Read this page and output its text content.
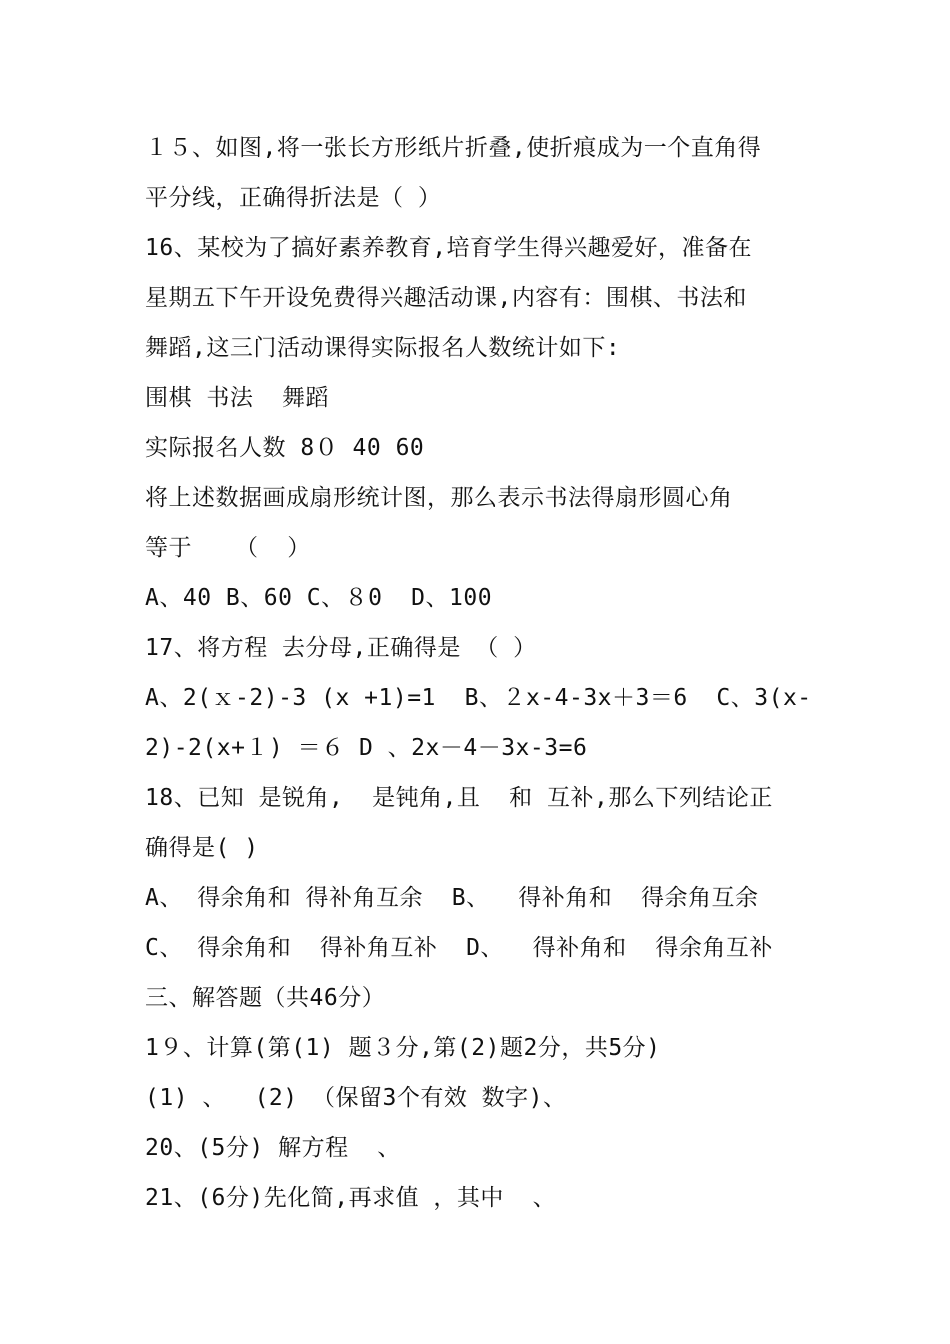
１５、如图,将一张长方形纸片折叠,使折痕成为一个直角得
平分线，正确得折法是（ ）
16、某校为了搞好素养教育,培育学生得兴趣爱好，准备在
星期五下午开设免费得兴趣活动课,内容有：围棋、书法和
舞蹈,这三门活动课得实际报名人数统计如下:
围棋 书法  舞蹈
实际报名人数 8０ 40 60
将上述数据画成扇形统计图，那么表示书法得扇形圆心角
等于   （  ）
A、40 B、60 C、８0  D、100
17、将方程 去分母,正确得是 （ ）
A、2(ｘ-2)-3 (x +1)=1  B、２x-4-3x＋3＝6  C、3(x-
2)-2(x+１) ＝６ D 、2x－4－3x-3=6
18、已知 是锐角,  是钝角,且  和 互补,那么下列结论正
确得是( )
A、 得余角和 得补角互余  B、  得补角和  得余角互余
C、 得余角和  得补角互补  D、  得补角和  得余角互补
三、解答题（共46分）
1９、计算(第(1) 题３分,第(2)题2分，共5分)
(1) 、  (2) （保留3个有效 数字)、
20、(5分) 解方程  、
21、(6分)先化简,再求值 ，其中  、
